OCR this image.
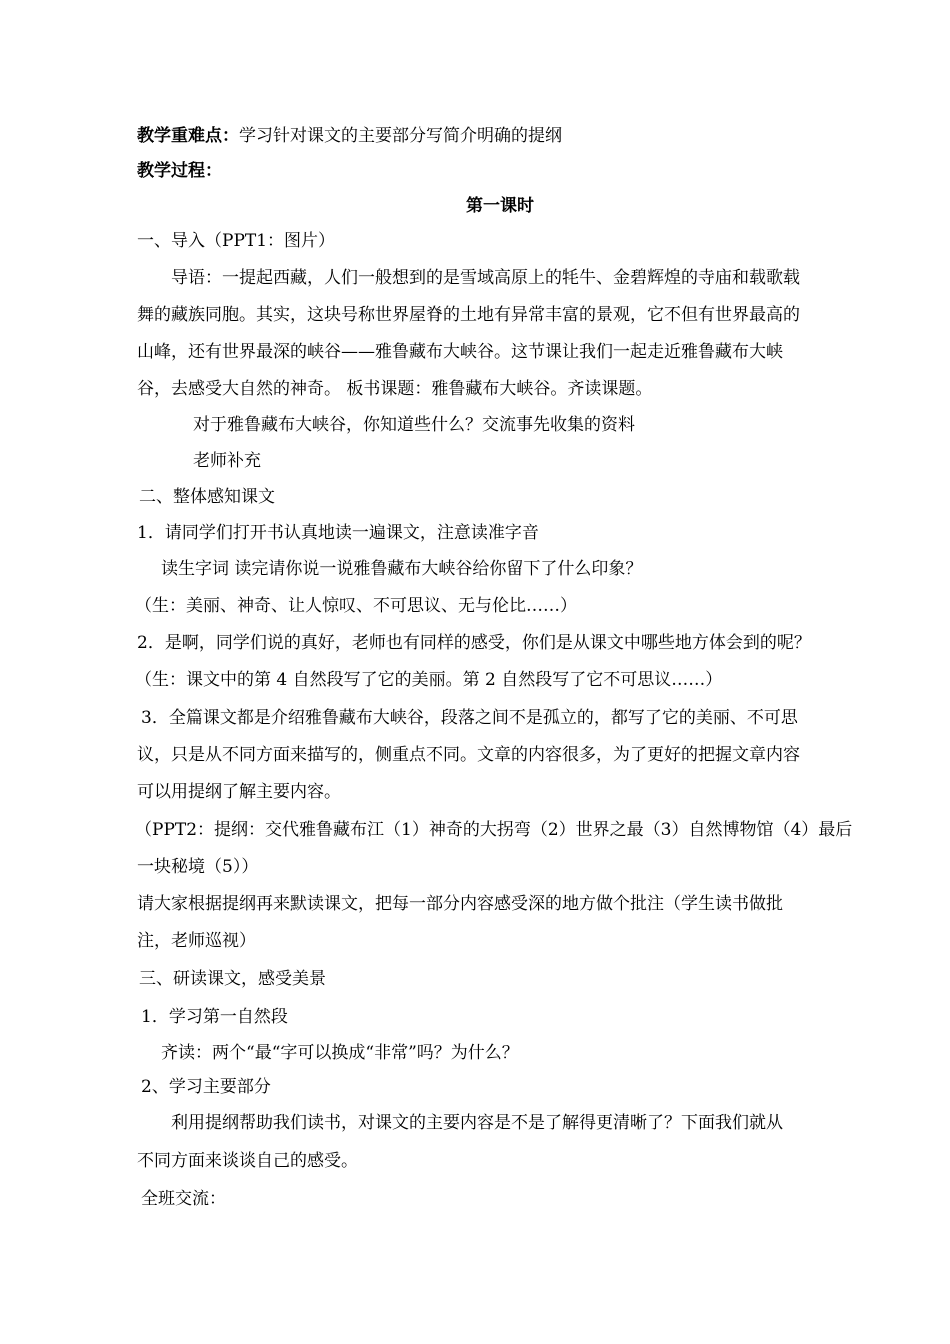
教学重难点：学习针对课文的主要部分写简介明确的提纲
教学过程：
第一课时
一、导入（PPT1：图片）
导语：一提起西藏，人们一般想到的是雪域高原上的牦牛、金碧辉煌的寺庙和载歌载
舞的藏族同胞。其实，这块号称世界屋脊的土地有异常丰富的景观，它不但有世界最高的
山峰，还有世界最深的峡谷——雅鲁藏布大峡谷。这节课让我们一起走近雅鲁藏布大峡
谷，去感受大自然的神奇。 板书课题：雅鲁藏布大峡谷。齐读课题。
对于雅鲁藏布大峡谷，你知道些什么？交流事先收集的资料
老师补充
二、整体感知课文
1．请同学们打开书认真地读一遍课文，注意读准字音
读生字词 读完请你说一说雅鲁藏布大峡谷给你留下了什么印象？
（生：美丽、神奇、让人惊叹、不可思议、无与伦比……）
2．是啊，同学们说的真好，老师也有同样的感受，你们是从课文中哪些地方体会到的呢？
（生：课文中的第 4 自然段写了它的美丽。第 2 自然段写了它不可思议……）
3．全篇课文都是介绍雅鲁藏布大峡谷，段落之间不是孤立的，都写了它的美丽、不可思
议，只是从不同方面来描写的，侧重点不同。文章的内容很多，为了更好的把握文章内容
可以用提纲了解主要内容。
（PPT2：提纲：交代雅鲁藏布江（1）神奇的大拐弯（2）世界之最（3）自然博物馆（4）最后
一块秘境（5））
请大家根据提纲再来默读课文，把每一部分内容感受深的地方做个批注（学生读书做批
注，老师巡视）
三、研读课文，感受美景
1．学习第一自然段
齐读：两个“最“字可以换成“非常”吗？为什么？
2、学习主要部分
利用提纲帮助我们读书，对课文的主要内容是不是了解得更清晰了？下面我们就从
不同方面来谈谈自己的感受。
全班交流：
